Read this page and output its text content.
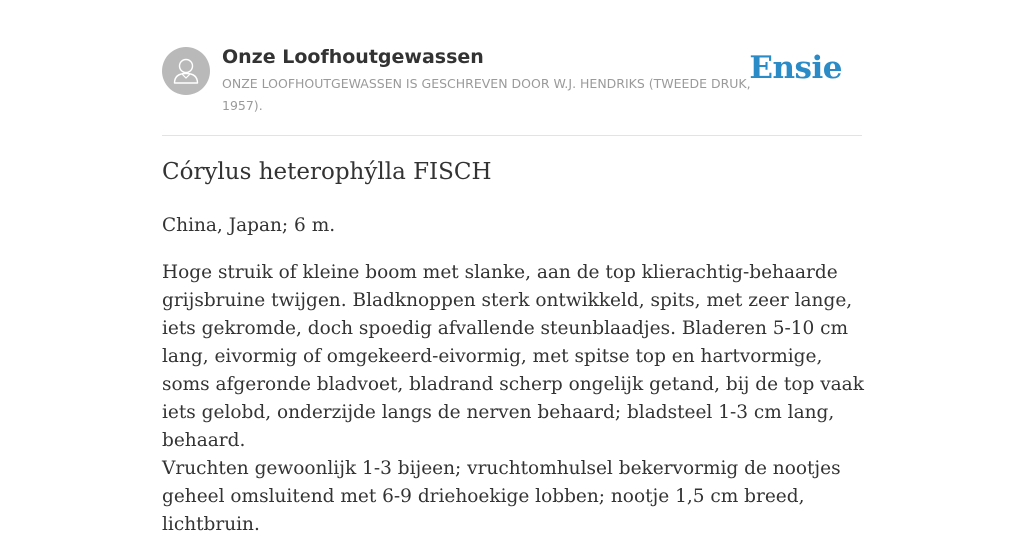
Onze Loofhoutgewassen

ONZE LOOFHOUTGEWASSEN IS GESCHREVEN DOOR W.J. HENDRIKS (TWEEDE DRUK, 1957).

Ensie
Córylus heterophýlla FISCH

China, Japan; 6 m.

Hoge struik of kleine boom met slanke, aan de top klierachtig-behaarde grijsbruine twijgen. Bladknoppen sterk ontwikkeld, spits, met zeer lange, iets gekromde, doch spoedig afvallende steunblaadjes. Bladeren 5-10 cm lang, eivormig of omgekeerd-eivormig, met spitse top en hartvormige, soms afgeronde bladvoet, bladrand scherp ongelijk getand, bij de top vaak iets gelobd, onderzijde langs de nerven behaard; bladsteel 1-3 cm lang, behaard.

Vruchten gewoonlijk 1-3 bijeen; vruchtomhulsel bekervormig de nootjes geheel omsluitend met 6-9 driehoekige lobben; nootje 1,5 cm breed, lichtbruin.
